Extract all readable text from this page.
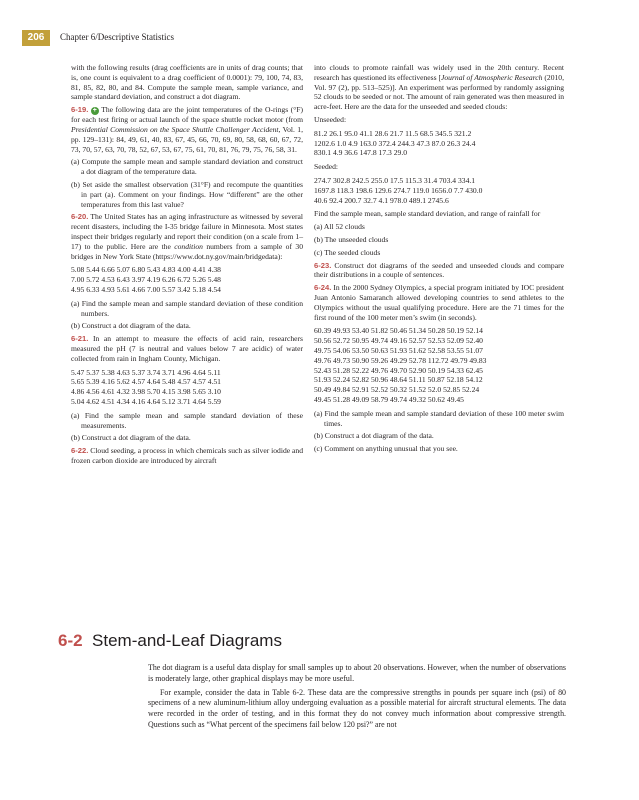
206	Chapter 6/Descriptive Statistics

with the following results (drag coefficients are in units of drag counts; that is, one count is equivalent to a drag coefficient of 0.0001): 79, 100, 74, 83, 81, 85, 82, 80, and 84. Compute the sample mean, sample variance, and sample standard deviation, and construct a dot diagram.

6-19. + The following data are the joint temperatures of the O-rings (°F) for each test firing or actual launch of the space shuttle rocket motor (from Presidential Commission on the Space Shuttle Challenger Accident, Vol. 1, pp. 129–131): 84, 49, 61, 40, 83, 67, 45, 66, 70, 69, 80, 58, 68, 60, 67, 72, 73, 70, 57, 63, 70, 78, 52, 67, 53, 67, 75, 61, 70, 81, 76, 79, 75, 76, 58, 31.

(a) Compute the sample mean and sample standard deviation and construct a dot diagram of the temperature data.

(b) Set aside the smallest observation (31°F) and recompute the quantities in part (a). Comment on your findings. How “different” are the other temperatures from this last value?

6-20. The United States has an aging infrastructure as witnessed by several recent disasters, including the I-35 bridge failure in Minnesota. Most states inspect their bridges regularly and report their condition (on a scale from 1–17) to the public. Here are the condition numbers from a sample of 30 bridges in New York State (https://www.dot.ny.gov/main/bridgedata):

5.08 5.44 6.66 5.07 6.80 5.43 4.83 4.00 4.41 4.38
7.00 5.72 4.53 6.43 3.97 4.19 6.26 6.72 5.26 5.48
4.95 6.33 4.93 5.61 4.66 7.00 5.57 3.42 5.18 4.54

(a) Find the sample mean and sample standard deviation of these condition numbers.

(b) Construct a dot diagram of the data.

6-21. In an attempt to measure the effects of acid rain, researchers measured the pH (7 is neutral and values below 7 are acidic) of water collected from rain in Ingham County, Michigan.

5.47 5.37 5.38 4.63 5.37 3.74 3.71 4.96 4.64 5.11
5.65 5.39 4.16 5.62 4.57 4.64 5.48 4.57 4.57 4.51
4.86 4.56 4.61 4.32 3.98 5.70 4.15 3.98 5.65 3.10
5.04 4.62 4.51 4.34 4.16 4.64 5.12 3.71 4.64 5.59

(a) Find the sample mean and sample standard deviation of these measurements.

(b) Construct a dot diagram of the data.

6-22. Cloud seeding, a process in which chemicals such as silver iodide and frozen carbon dioxide are introduced by aircraft

into clouds to promote rainfall was widely used in the 20th century. Recent research has questioned its effectiveness [Journal of Atmospheric Research (2010, Vol. 97 (2), pp. 513–525)]. An experiment was performed by randomly assigning 52 clouds to be seeded or not. The amount of rain generated was then measured in acre-feet. Here are the data for the unseeded and seeded clouds:

Unseeded:

81.2 26.1 95.0 41.1 28.6 21.7 11.5 68.5 345.5 321.2
1202.6 1.0 4.9 163.0 372.4 244.3 47.3 87.0 26.3 24.4
830.1 4.9 36.6 147.8 17.3 29.0

Seeded:

274.7 302.8 242.5 255.0 17.5 115.3 31.4 703.4 334.1
1697.8 118.3 198.6 129.6 274.7 119.0 1656.0 7.7 430.0
40.6 92.4 200.7 32.7 4.1 978.0 489.1 2745.6

Find the sample mean, sample standard deviation, and range of rainfall for

(a) All 52 clouds

(b) The unseeded clouds

(c) The seeded clouds

6-23. Construct dot diagrams of the seeded and unseeded clouds and compare their distributions in a couple of sentences.

6-24. In the 2000 Sydney Olympics, a special program initiated by IOC president Juan Antonio Samaranch allowed developing countries to send athletes to the Olympics without the usual qualifying procedure. Here are the 71 times for the first round of the 100 meter men’s swim (in seconds).

60.39 49.93 53.40 51.82 50.46 51.34 50.28 50.19 52.14
50.56 52.72 50.95 49.74 49.16 52.57 52.53 52.09 52.40
49.75 54.06 53.50 50.63 51.93 51.62 52.58 53.55 51.07
49.76 49.73 50.90 59.26 49.29 52.78 112.72 49.79 49.83
52.43 51.28 52.22 49.76 49.70 52.90 50.19 54.33 62.45
51.93 52.24 52.82 50.96 48.64 51.11 50.87 52.18 54.12
50.49 49.84 52.91 52.52 50.32 51.52 52.0 52.85 52.24
49.45 51.28 49.09 58.79 49.74 49.32 50.62 49.45

(a) Find the sample mean and sample standard deviation of these 100 meter swim times.

(b) Construct a dot diagram of the data.

(c) Comment on anything unusual that you see.

6-2 Stem-and-Leaf Diagrams

The dot diagram is a useful data display for small samples up to about 20 observations. However, when the number of observations is moderately large, other graphical displays may be more useful.

For example, consider the data in Table 6-2. These data are the compressive strengths in pounds per square inch (psi) of 80 specimens of a new aluminum-lithium alloy undergoing evaluation as a possible material for aircraft structural elements. The data were recorded in the order of testing, and in this format they do not convey much information about compressive strength. Questions such as “What percent of the specimens fail below 120 psi?” are not
